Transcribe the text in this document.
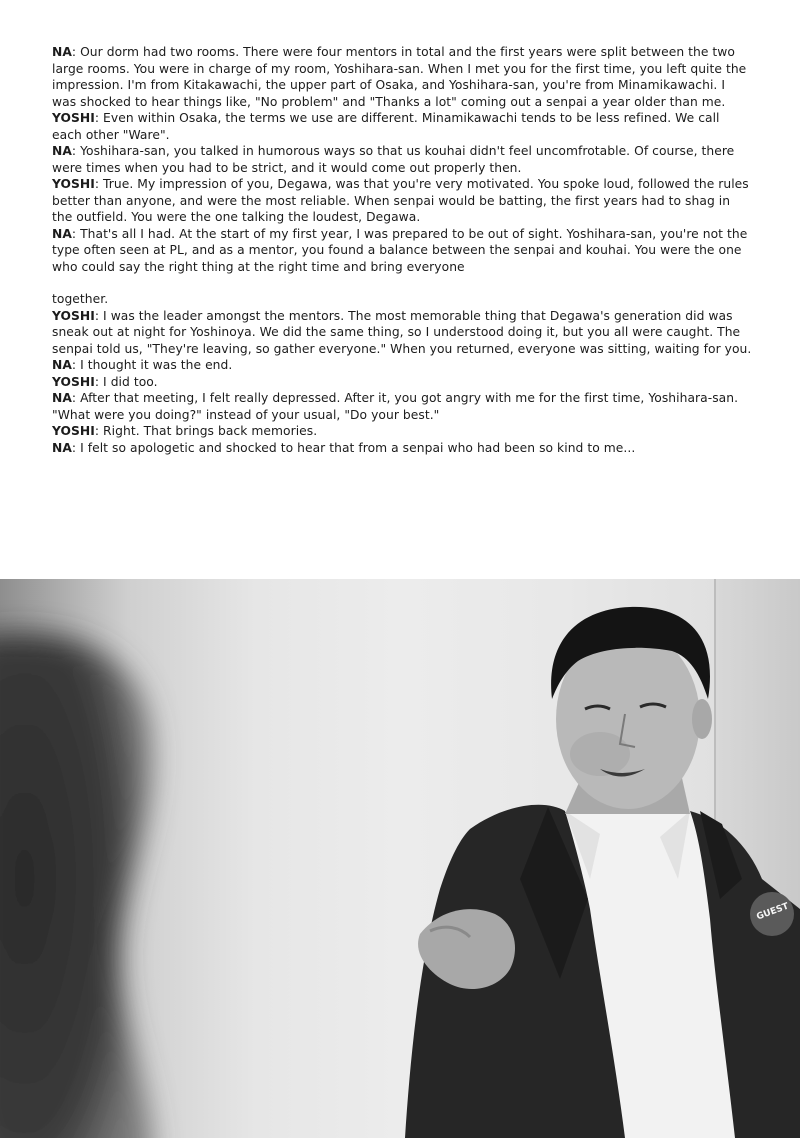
NA: Our dorm had two rooms. There were four mentors in total and the first years were split between the two large rooms. You were in charge of my room, Yoshihara-san. When I met you for the first time, you left quite the impression. I'm from Kitakawachi, the upper part of Osaka, and Yoshihara-san, you're from Minamikawachi. I was shocked to hear things like, "No problem" and "Thanks a lot" coming out a senpai a year older than me.

YOSHI: Even within Osaka, the terms we use are different. Minamikawachi tends to be less refined. We call each other "Ware".

NA: Yoshihara-san, you talked in humorous ways so that us kouhai didn't feel uncomfrotable. Of course, there were times when you had to be strict, and it would come out properly then.

YOSHI: True. My impression of you, Degawa, was that you're very motivated. You spoke loud, followed the rules better than anyone, and were the most reliable. When senpai would be batting, the first years had to shag in the outfield. You were the one talking the loudest, Degawa.

NA: That's all I had. At the start of my first year, I was prepared to be out of sight. Yoshihara-san, you're not the type often seen at PL, and as a mentor, you found a balance between the senpai and kouhai. You were the one who could say the right thing at the right time and bring everyone

together.

YOSHI: I was the leader amongst the mentors. The most memorable thing that Degawa's generation did was sneak out at night for Yoshinoya. We did the same thing, so I understood doing it, but you all were caught. The senpai told us, "They're leaving, so gather everyone." When you returned, everyone was sitting, waiting for you.

NA: I thought it was the end.

YOSHI: I did too.

NA: After that meeting, I felt really depressed. After it, you got angry with me for the first time, Yoshihara-san. "What were you doing?" instead of your usual, "Do your best."

YOSHI: Right. That brings back memories.

NA: I felt so apologetic and shocked to hear that from a senpai who had been so kind to me...

GUEST
